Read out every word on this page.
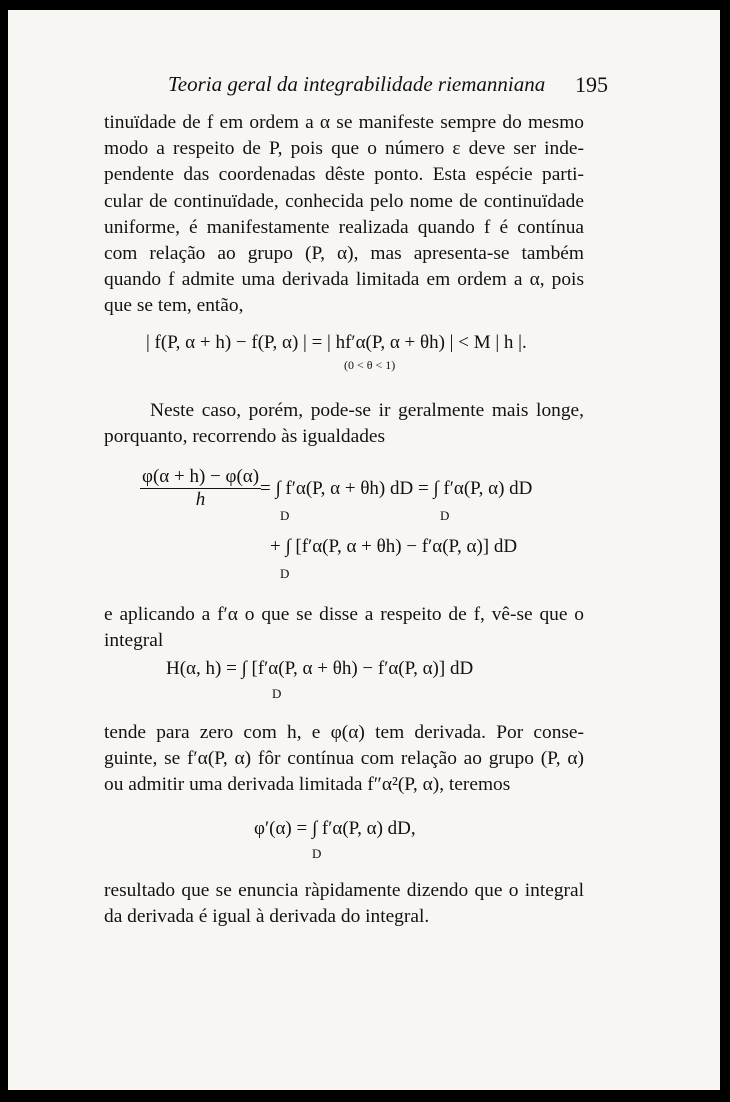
Teoria geral da integrabilidade riemanniana 195
tinuïdade de f em ordem a α se manifeste sempre do mesmo
modo a respeito de P, pois que o número ε deve ser inde-
pendente das coordenadas dêste ponto. Esta espécie parti-
cular de continuïdade, conhecida pelo nome de continuïdade
uniforme, é manifestamente realizada quando f é contínua
com relação ao grupo (P, α), mas apresenta-se também
quando f admite uma derivada limitada em ordem a α, pois
que se tem, então,
| f(P, α + h) − f(P, α) | = | hf′α(P, α + θh) | < M | h |.
(0 < θ < 1)
Neste caso, porém, pode-se ir geralmente mais longe,
porquanto, recorrendo às igualdades
$\frac{\varphi(\alpha + h) - \varphi(\alpha)}{h}$
= ∫ f′α(P, α + θh) dD = ∫ f′α(P, α) dD
D	D
+ ∫ [f′α(P, α + θh) − f′α(P, α)] dD
D
e aplicando a f′α o que se disse a respeito de f, vê-se que o
integral
H(α, h) = ∫ [f′α(P, α + θh) − f′α(P, α)] dD
D
tende para zero com h, e φ(α) tem derivada. Por conse-
guinte, se f′α(P, α) fôr contínua com relação ao grupo (P, α)
ou admitir uma derivada limitada f″α²(P, α), teremos
φ′(α) = ∫ f′α(P, α) dD,
D
resultado que se enuncia ràpidamente dizendo que o integral
da derivada é igual à derivada do integral.
